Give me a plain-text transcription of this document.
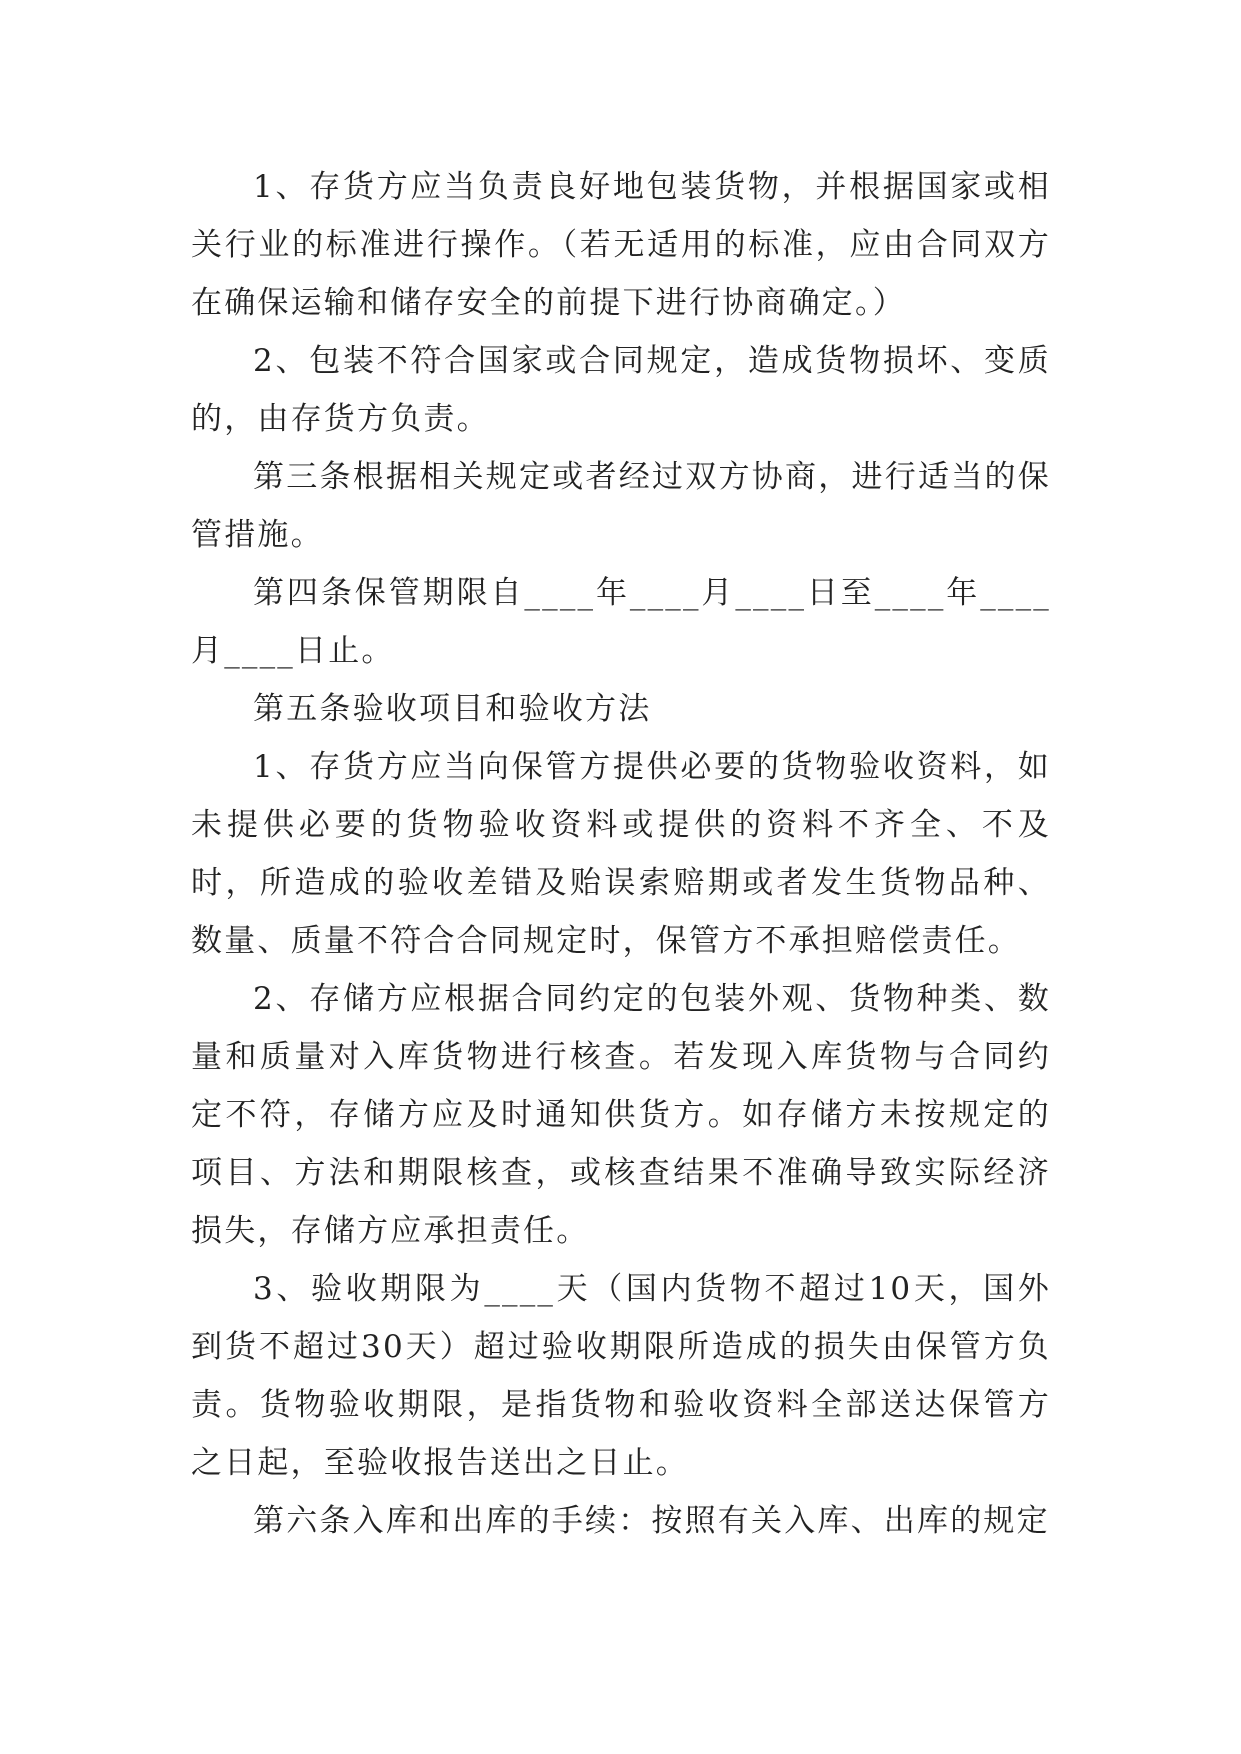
1、存货方应当负责良好地包装货物，并根据国家或相关行业的标准进行操作。（若无适用的标准，应由合同双方在确保运输和储存安全的前提下进行协商确定。）

2、包装不符合国家或合同规定，造成货物损坏、变质的，由存货方负责。

第三条根据相关规定或者经过双方协商，进行适当的保管措施。

第四条保管期限自____年____月____日至____年____月____日止。

第五条验收项目和验收方法

1、存货方应当向保管方提供必要的货物验收资料，如未提供必要的货物验收资料或提供的资料不齐全、不及时，所造成的验收差错及贻误索赔期或者发生货物品种、数量、质量不符合合同规定时，保管方不承担赔偿责任。

2、存储方应根据合同约定的包装外观、货物种类、数量和质量对入库货物进行核查。若发现入库货物与合同约定不符，存储方应及时通知供货方。如存储方未按规定的项目、方法和期限核查，或核查结果不准确导致实际经济损失，存储方应承担责任。

3、验收期限为____天（国内货物不超过10天，国外到货不超过30天）超过验收期限所造成的损失由保管方负责。货物验收期限，是指货物和验收资料全部送达保管方之日起，至验收报告送出之日止。

第六条入库和出库的手续：按照有关入库、出库的规定
